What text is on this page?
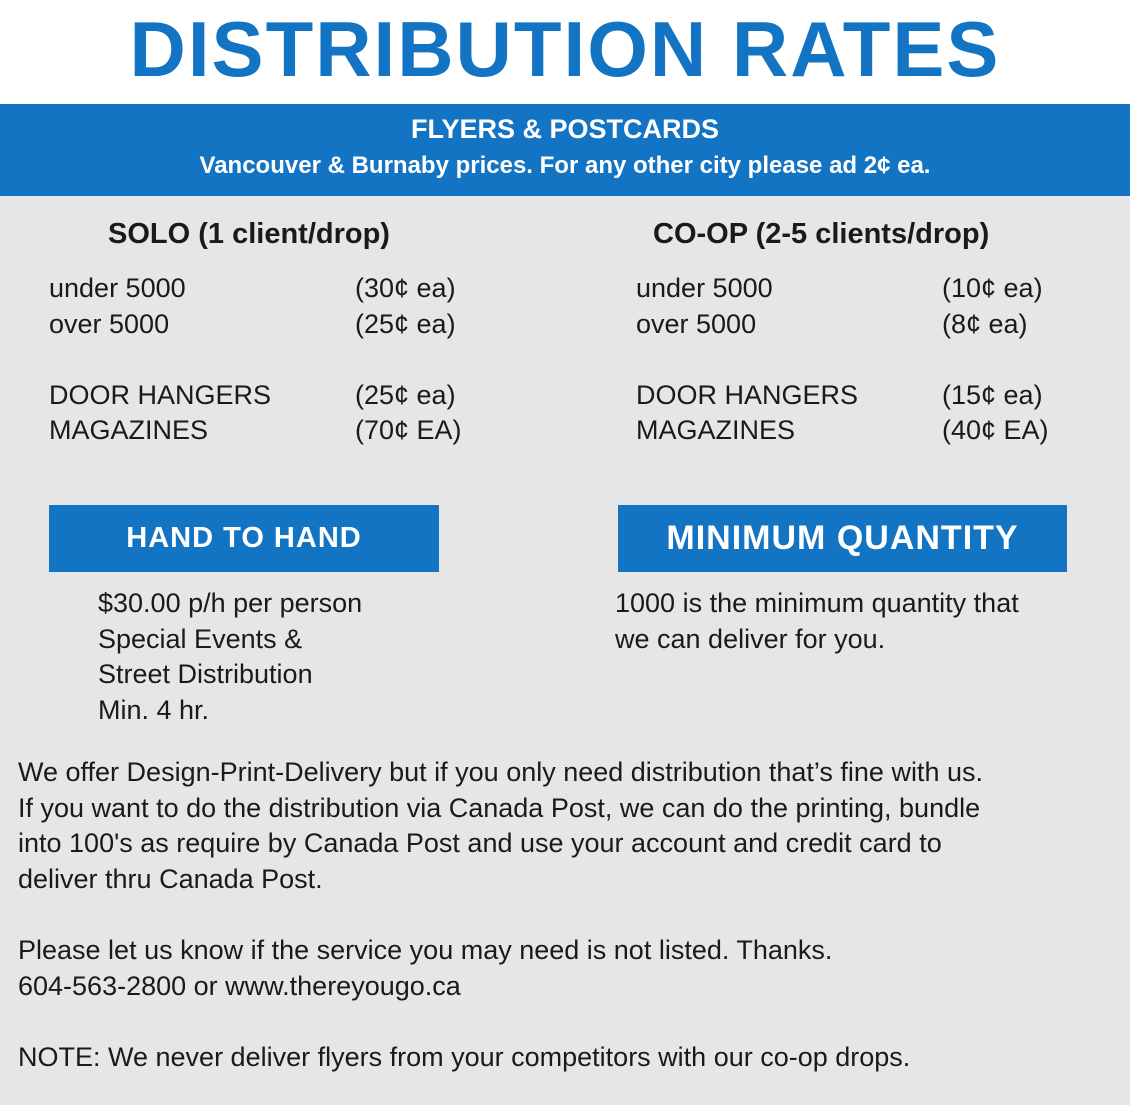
DISTRIBUTION RATES
FLYERS & POSTCARDS
Vancouver & Burnaby prices. For any other city please ad 2¢ ea.
SOLO (1 client/drop)
under 5000	(30¢ ea)
over 5000	(25¢ ea)
DOOR HANGERS	(25¢ ea)
MAGAZINES	(70¢ EA)
CO-OP (2-5 clients/drop)
under 5000	(10¢ ea)
over 5000	(8¢ ea)
DOOR HANGERS	(15¢ ea)
MAGAZINES	(40¢ EA)
HAND TO HAND	MINIMUM QUANTITY
$30.00 p/h per person
Special Events &
Street Distribution
Min. 4 hr.
1000 is the minimum quantity that
we can deliver for you.
We offer Design-Print-Delivery but if you only need distribution that’s fine with us.
If you want to do the distribution via Canada Post, we can do the printing, bundle
into 100's as require by Canada Post and use your account and credit card to
deliver thru Canada Post.
Please let us know if the service you may need is not listed. Thanks.
604-563-2800 or www.thereyougo.ca
NOTE: We never deliver flyers from your competitors with our co-op drops.
